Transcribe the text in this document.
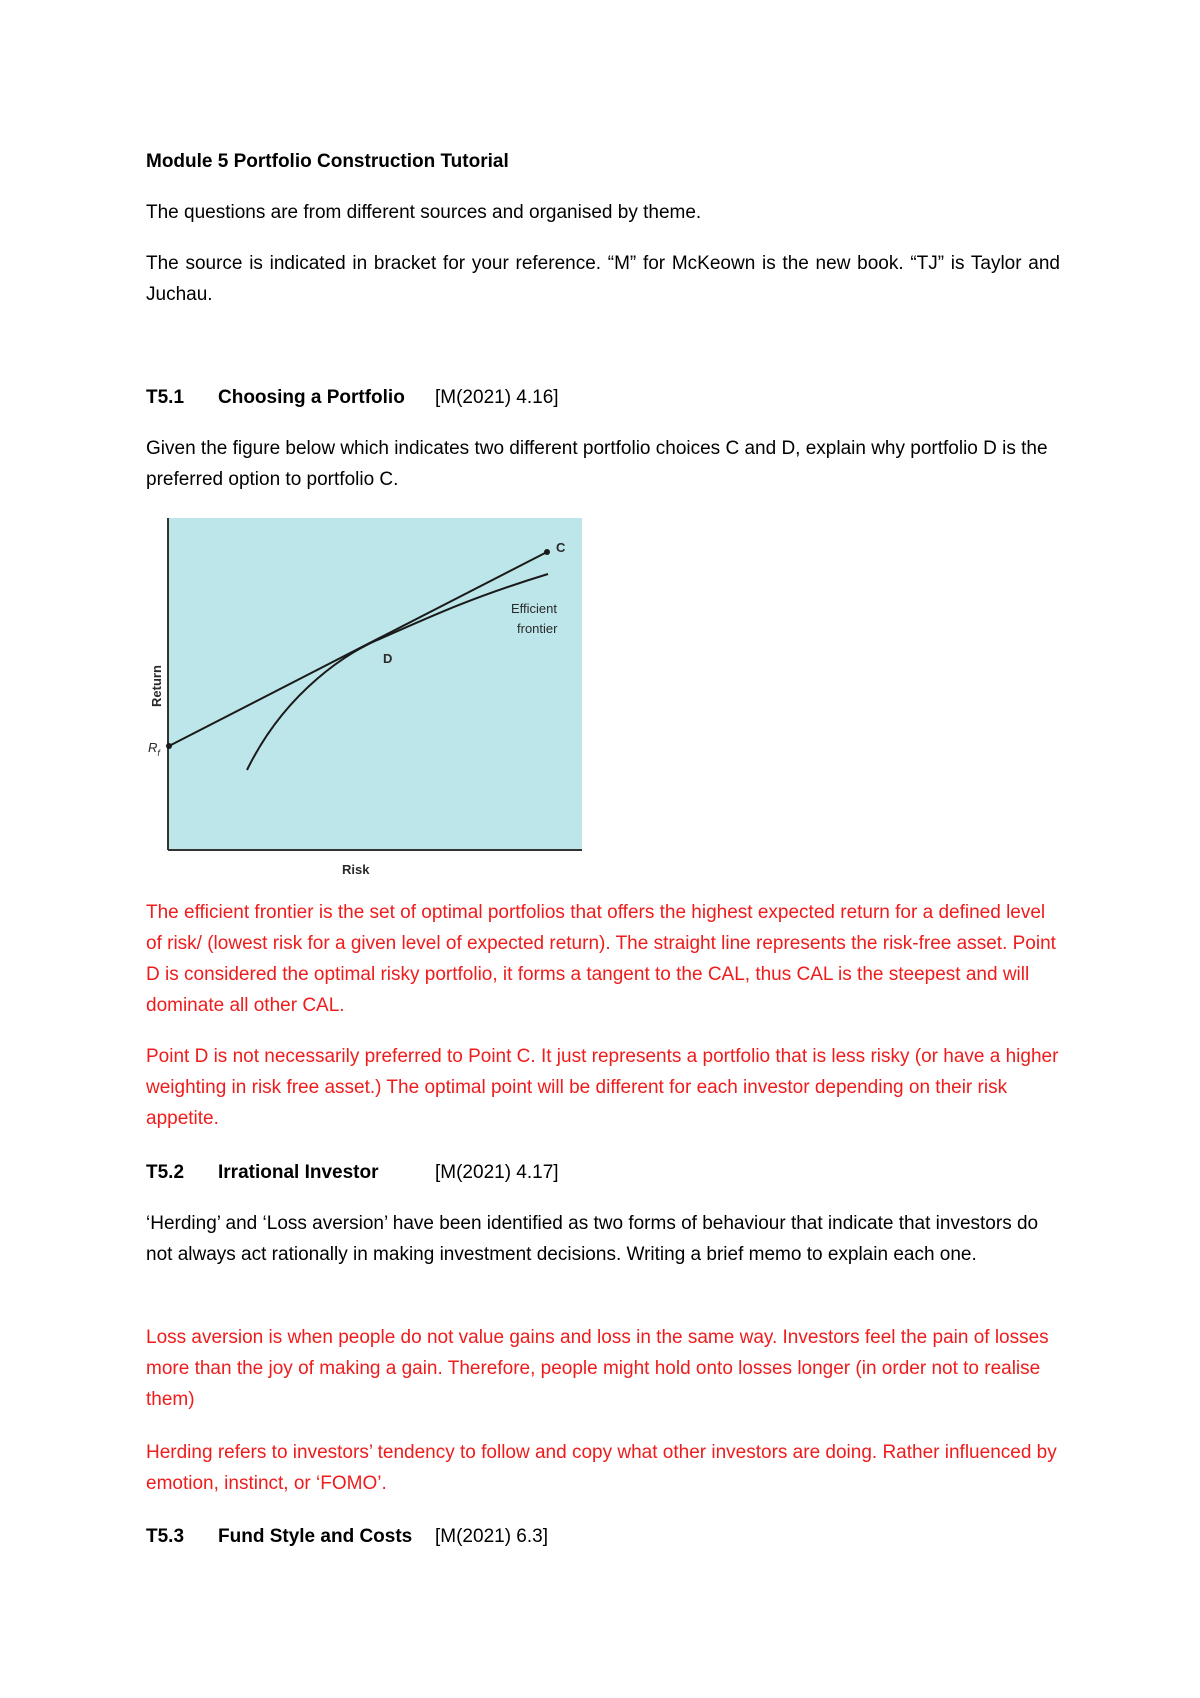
Module 5 Portfolio Construction Tutorial
The questions are from different sources and organised by theme.
The source is indicated in bracket for your reference. “M” for McKeown is the new book. “TJ” is Taylor and Juchau.
T5.1 Choosing a Portfolio [M(2021) 4.16]
Given the figure below which indicates two different portfolio choices C and D, explain why portfolio D is the preferred option to portfolio C.
C
D
Efficient
frontier
$R_f$
Return
Risk
The efficient frontier is the set of optimal portfolios that offers the highest expected return for a defined level of risk/ (lowest risk for a given level of expected return). The straight line represents the risk-free asset. Point D is considered the optimal risky portfolio, it forms a tangent to the CAL, thus CAL is the steepest and will dominate all other CAL.
Point D is not necessarily preferred to Point C. It just represents a portfolio that is less risky (or have a higher weighting in risk free asset.) The optimal point will be different for each investor depending on their risk appetite.
T5.2 Irrational Investor	[M(2021) 4.17]
‘Herding’ and ‘Loss aversion’ have been identified as two forms of behaviour that indicate that investors do not always act rationally in making investment decisions. Writing a brief memo to explain each one.
Loss aversion is when people do not value gains and loss in the same way. Investors feel the pain of losses more than the joy of making a gain. Therefore, people might hold onto losses longer (in order not to realise them)
Herding refers to investors’ tendency to follow and copy what other investors are doing. Rather influenced by emotion, instinct, or ‘FOMO’.
T5.3 Fund Style and Costs [M(2021) 6.3]
